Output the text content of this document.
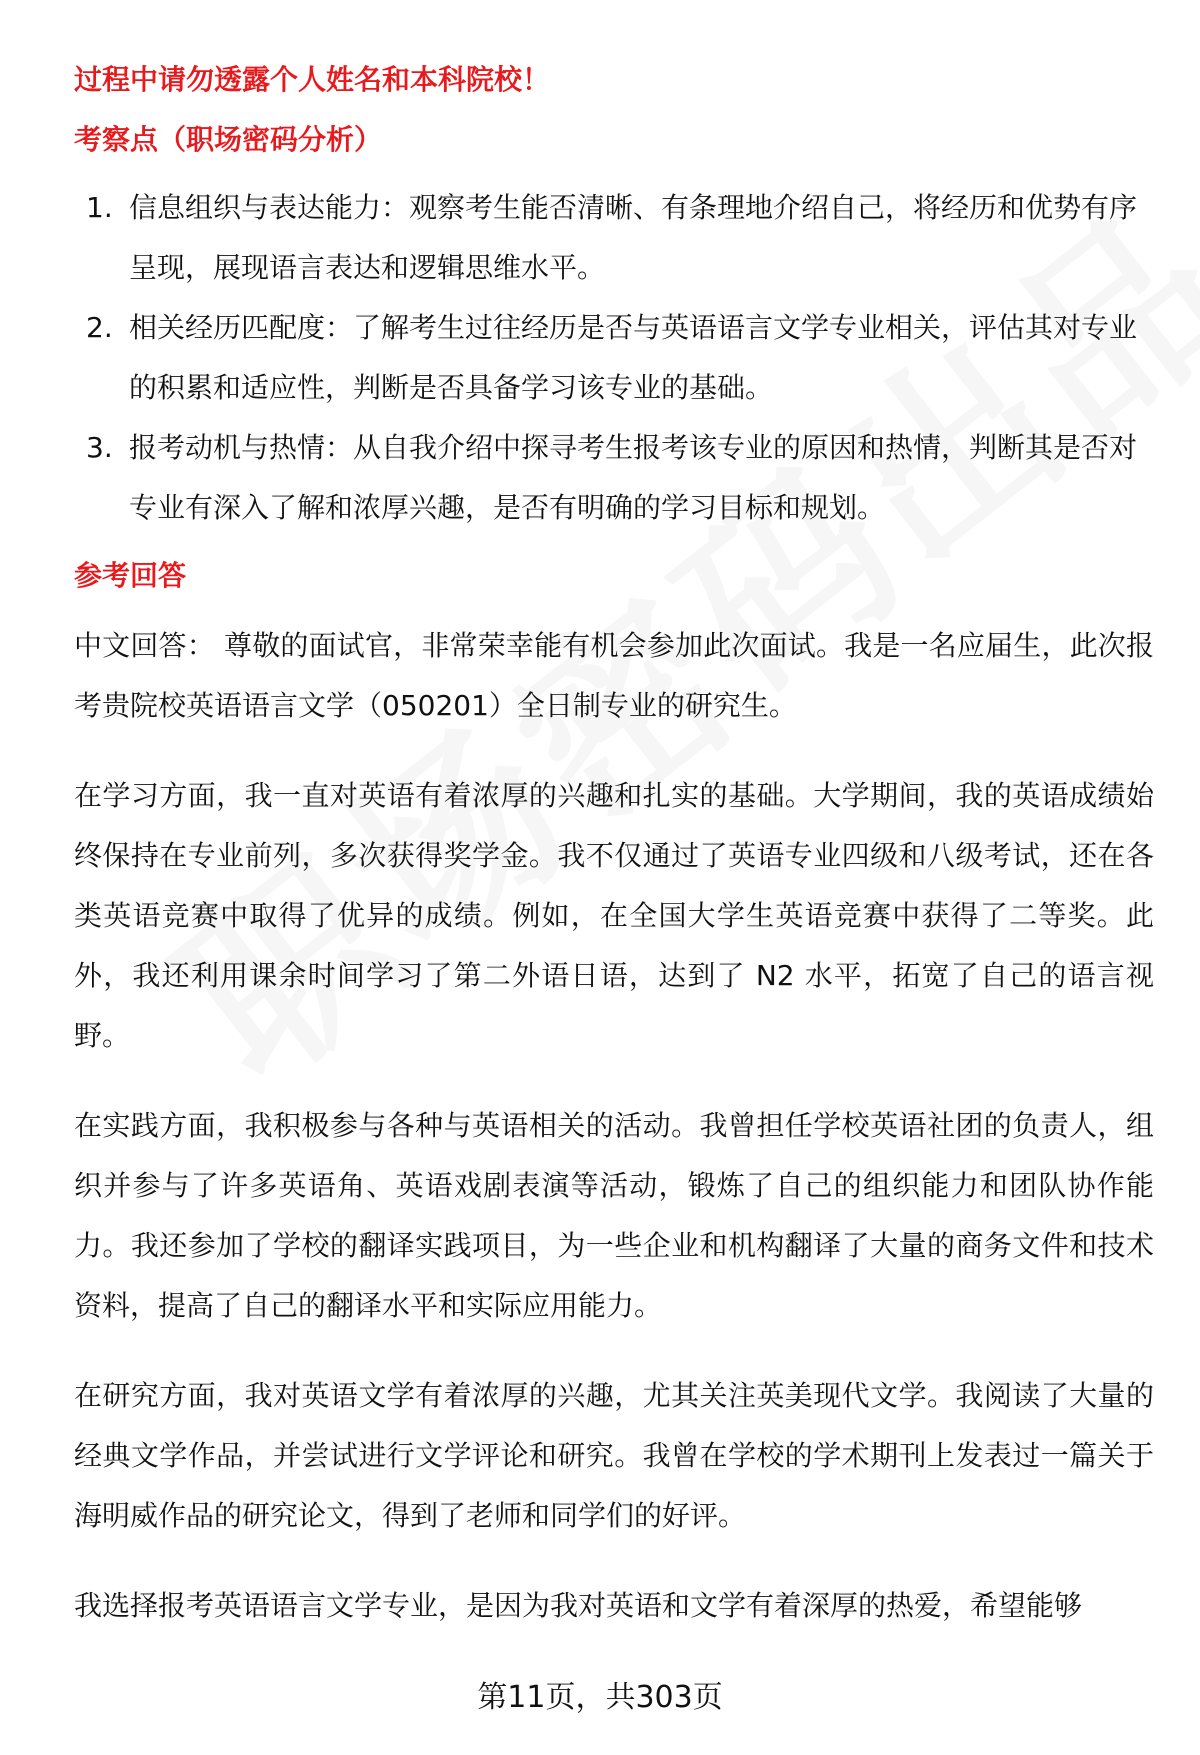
过程中请勿透露个人姓名和本科院校！

考察点（职场密码分析）

1. 信息组织与表达能力：观察考生能否清晰、有条理地介绍自己，将经历和优势有序呈现，展现语言表达和逻辑思维水平。
2. 相关经历匹配度：了解考生过往经历是否与英语语言文学专业相关，评估其对专业的积累和适应性，判断是否具备学习该专业的基础。
3. 报考动机与热情：从自我介绍中探寻考生报考该专业的原因和热情，判断其是否对专业有深入了解和浓厚兴趣，是否有明确的学习目标和规划。

参考回答

中文回答： 尊敬的面试官，非常荣幸能有机会参加此次面试。我是一名应届生，此次报考贵院校英语语言文学（050201）全日制专业的研究生。

在学习方面，我一直对英语有着浓厚的兴趣和扎实的基础。大学期间，我的英语成绩始终保持在专业前列，多次获得奖学金。我不仅通过了英语专业四级和八级考试，还在各类英语竞赛中取得了优异的成绩。例如，在全国大学生英语竞赛中获得了二等奖。此外，我还利用课余时间学习了第二外语日语，达到了 N2 水平，拓宽了自己的语言视野。

在实践方面，我积极参与各种与英语相关的活动。我曾担任学校英语社团的负责人，组织并参与了许多英语角、英语戏剧表演等活动，锻炼了自己的组织能力和团队协作能力。我还参加了学校的翻译实践项目，为一些企业和机构翻译了大量的商务文件和技术资料，提高了自己的翻译水平和实际应用能力。

在研究方面，我对英语文学有着浓厚的兴趣，尤其关注英美现代文学。我阅读了大量的经典文学作品，并尝试进行文学评论和研究。我曾在学校的学术期刊上发表过一篇关于海明威作品的研究论文，得到了老师和同学们的好评。

我选择报考英语语言文学专业，是因为我对英语和文学有着深厚的热爱，希望能够

第11页，共303页
